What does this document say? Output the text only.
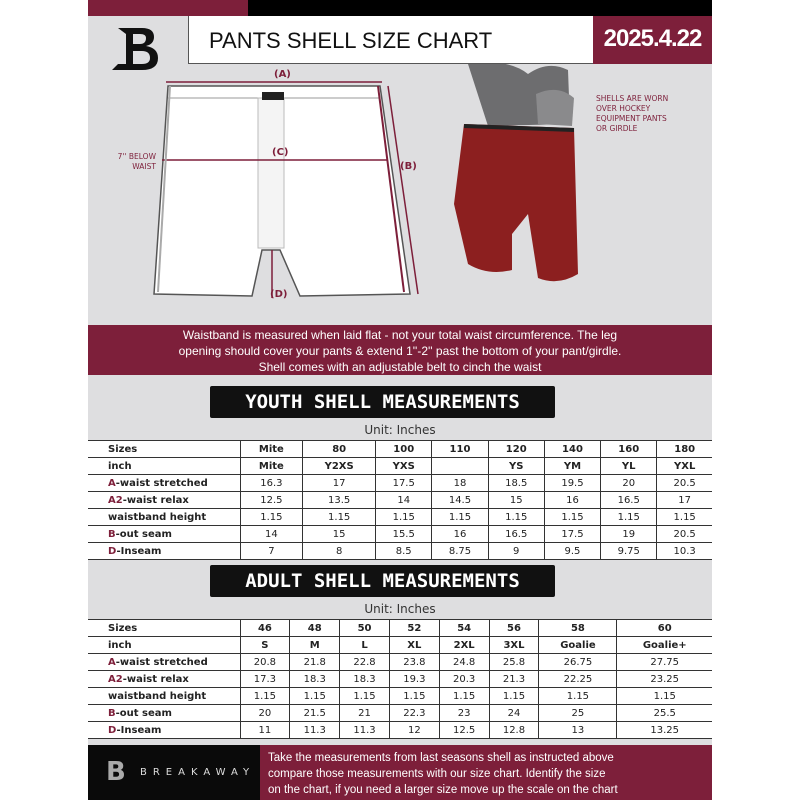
PANTS SHELL SIZE CHART	2025.4.22
(A)
(C)
(B)
(D)
7'' BELOW WAIST
SHELLS ARE WORN OVER HOCKEY EQUIPMENT PANTS OR GIRDLE
Waistband is measured when laid flat - not your total waist circumference. The leg
opening should cover your pants & extend 1''-2'' past the bottom of your pant/girdle.
Shell comes with an adjustable belt to cinch the waist
YOUTH SHELL MEASUREMENTS
Unit: Inches
Sizes	Mite	80	100	110	120	140	160	180
inch	Mite	Y2XS	YXS		YS	YM	YL	YXL
A-waist stretched	16.3	17	17.5	18	18.5	19.5	20	20.5
A2-waist relax	12.5	13.5	14	14.5	15	16	16.5	17
waistband height	1.15	1.15	1.15	1.15	1.15	1.15	1.15	1.15
B-out seam	14	15	15.5	16	16.5	17.5	19	20.5
D-Inseam	7	8	8.5	8.75	9	9.5	9.75	10.3
ADULT SHELL MEASUREMENTS
Unit: Inches
Sizes	46	48	50	52	54	56	58	60
inch	S	M	L	XL	2XL	3XL	Goalie	Goalie+
A-waist stretched	20.8	21.8	22.8	23.8	24.8	25.8	26.75	27.75
A2-waist relax	17.3	18.3	18.3	19.3	20.3	21.3	22.25	23.25
waistband height	1.15	1.15	1.15	1.15	1.15	1.15	1.15	1.15
B-out seam	20	21.5	21	22.3	23	24	25	25.5
D-Inseam	11	11.3	11.3	12	12.5	12.8	13	13.25
B BREAKAWAY
Take the measurements from last seasons shell as instructed above
compare those measurements with our size chart. Identify the size
on the chart, if you need a larger size move up the scale on the chart
